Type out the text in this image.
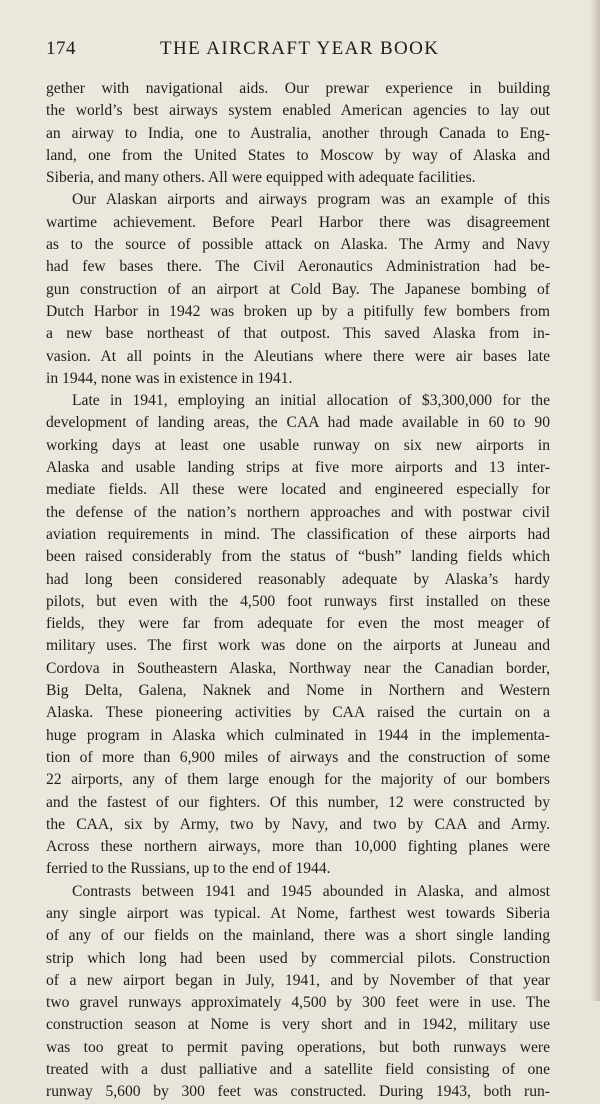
174	THE AIRCRAFT YEAR BOOK
gether with navigational aids. Our prewar experience in building
the world’s best airways system enabled American agencies to lay out
an airway to India, one to Australia, another through Canada to Eng-
land, one from the United States to Moscow by way of Alaska and
Siberia, and many others. All were equipped with adequate facilities.
Our Alaskan airports and airways program was an example of this
wartime achievement. Before Pearl Harbor there was disagreement
as to the source of possible attack on Alaska. The Army and Navy
had few bases there. The Civil Aeronautics Administration had be-
gun construction of an airport at Cold Bay. The Japanese bombing of
Dutch Harbor in 1942 was broken up by a pitifully few bombers from
a new base northeast of that outpost. This saved Alaska from in-
vasion. At all points in the Aleutians where there were air bases late
in 1944, none was in existence in 1941.
Late in 1941, employing an initial allocation of $3,300,000 for the
development of landing areas, the CAA had made available in 60 to 90
working days at least one usable runway on six new airports in
Alaska and usable landing strips at five more airports and 13 inter-
mediate fields. All these were located and engineered especially for
the defense of the nation’s northern approaches and with postwar civil
aviation requirements in mind. The classification of these airports had
been raised considerably from the status of “bush” landing fields which
had long been considered reasonably adequate by Alaska’s hardy
pilots, but even with the 4,500 foot runways first installed on these
fields, they were far from adequate for even the most meager of
military uses. The first work was done on the airports at Juneau and
Cordova in Southeastern Alaska, Northway near the Canadian border,
Big Delta, Galena, Naknek and Nome in Northern and Western
Alaska. These pioneering activities by CAA raised the curtain on a
huge program in Alaska which culminated in 1944 in the implementa-
tion of more than 6,900 miles of airways and the construction of some
22 airports, any of them large enough for the majority of our bombers
and the fastest of our fighters. Of this number, 12 were constructed by
the CAA, six by Army, two by Navy, and two by CAA and Army.
Across these northern airways, more than 10,000 fighting planes were
ferried to the Russians, up to the end of 1944.
Contrasts between 1941 and 1945 abounded in Alaska, and almost
any single airport was typical. At Nome, farthest west towards Siberia
of any of our fields on the mainland, there was a short single landing
strip which long had been used by commercial pilots. Construction
of a new airport began in July, 1941, and by November of that year
two gravel runways approximately 4,500 by 300 feet were in use. The
construction season at Nome is very short and in 1942, military use
was too great to permit paving operations, but both runways were
treated with a dust palliative and a satellite field consisting of one
runway 5,600 by 300 feet was constructed. During 1943, both run-
